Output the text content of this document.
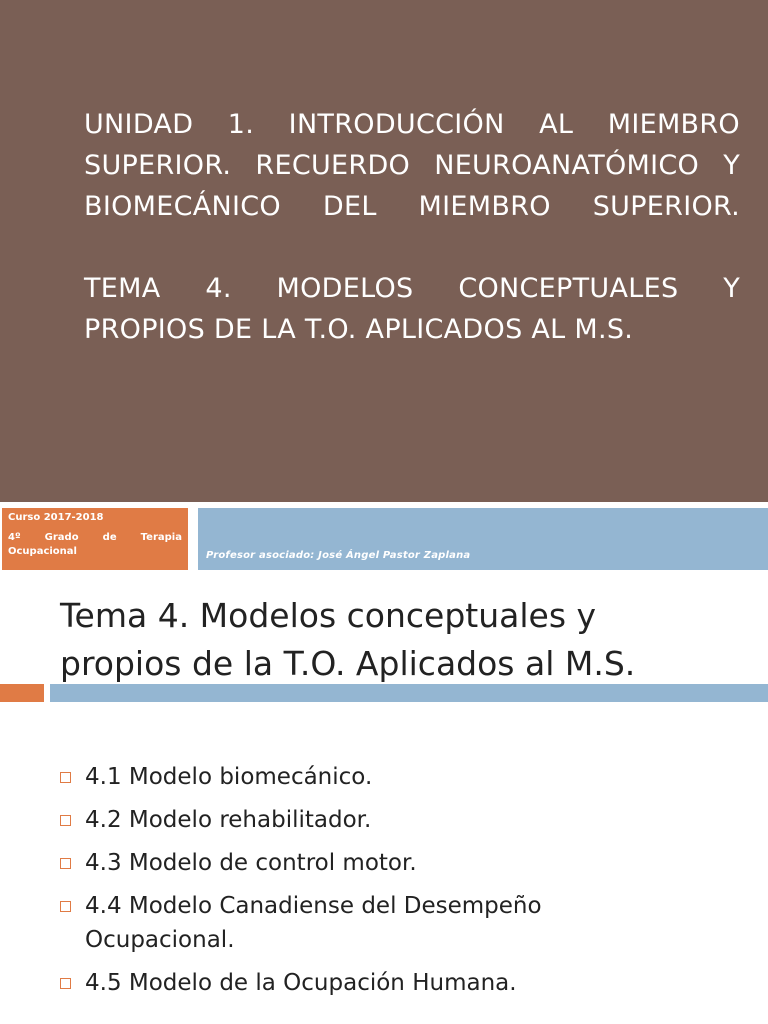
UNIDAD 1. INTRODUCCIÓN AL MIEMBRO

SUPERIOR. RECUERDO NEUROANATÓMICO Y

BIOMECÁNICO DEL MIEMBRO SUPERIOR.

TEMA 4. MODELOS CONCEPTUALES Y

PROPIOS DE LA T.O. APLICADOS AL M.S.

Curso 2017-2018
4º Grado de Terapia
Ocupacional	Profesor asociado: José Ángel Pastor Zaplana
Tema 4. Modelos conceptuales y
propios de la T.O. Aplicados al M.S.
4.1 Modelo biomecánico.
4.2 Modelo rehabilitador.
4.3 Modelo de control motor.
4.4 Modelo Canadiense del Desempeño
Ocupacional.
4.5 Modelo de la Ocupación Humana.
